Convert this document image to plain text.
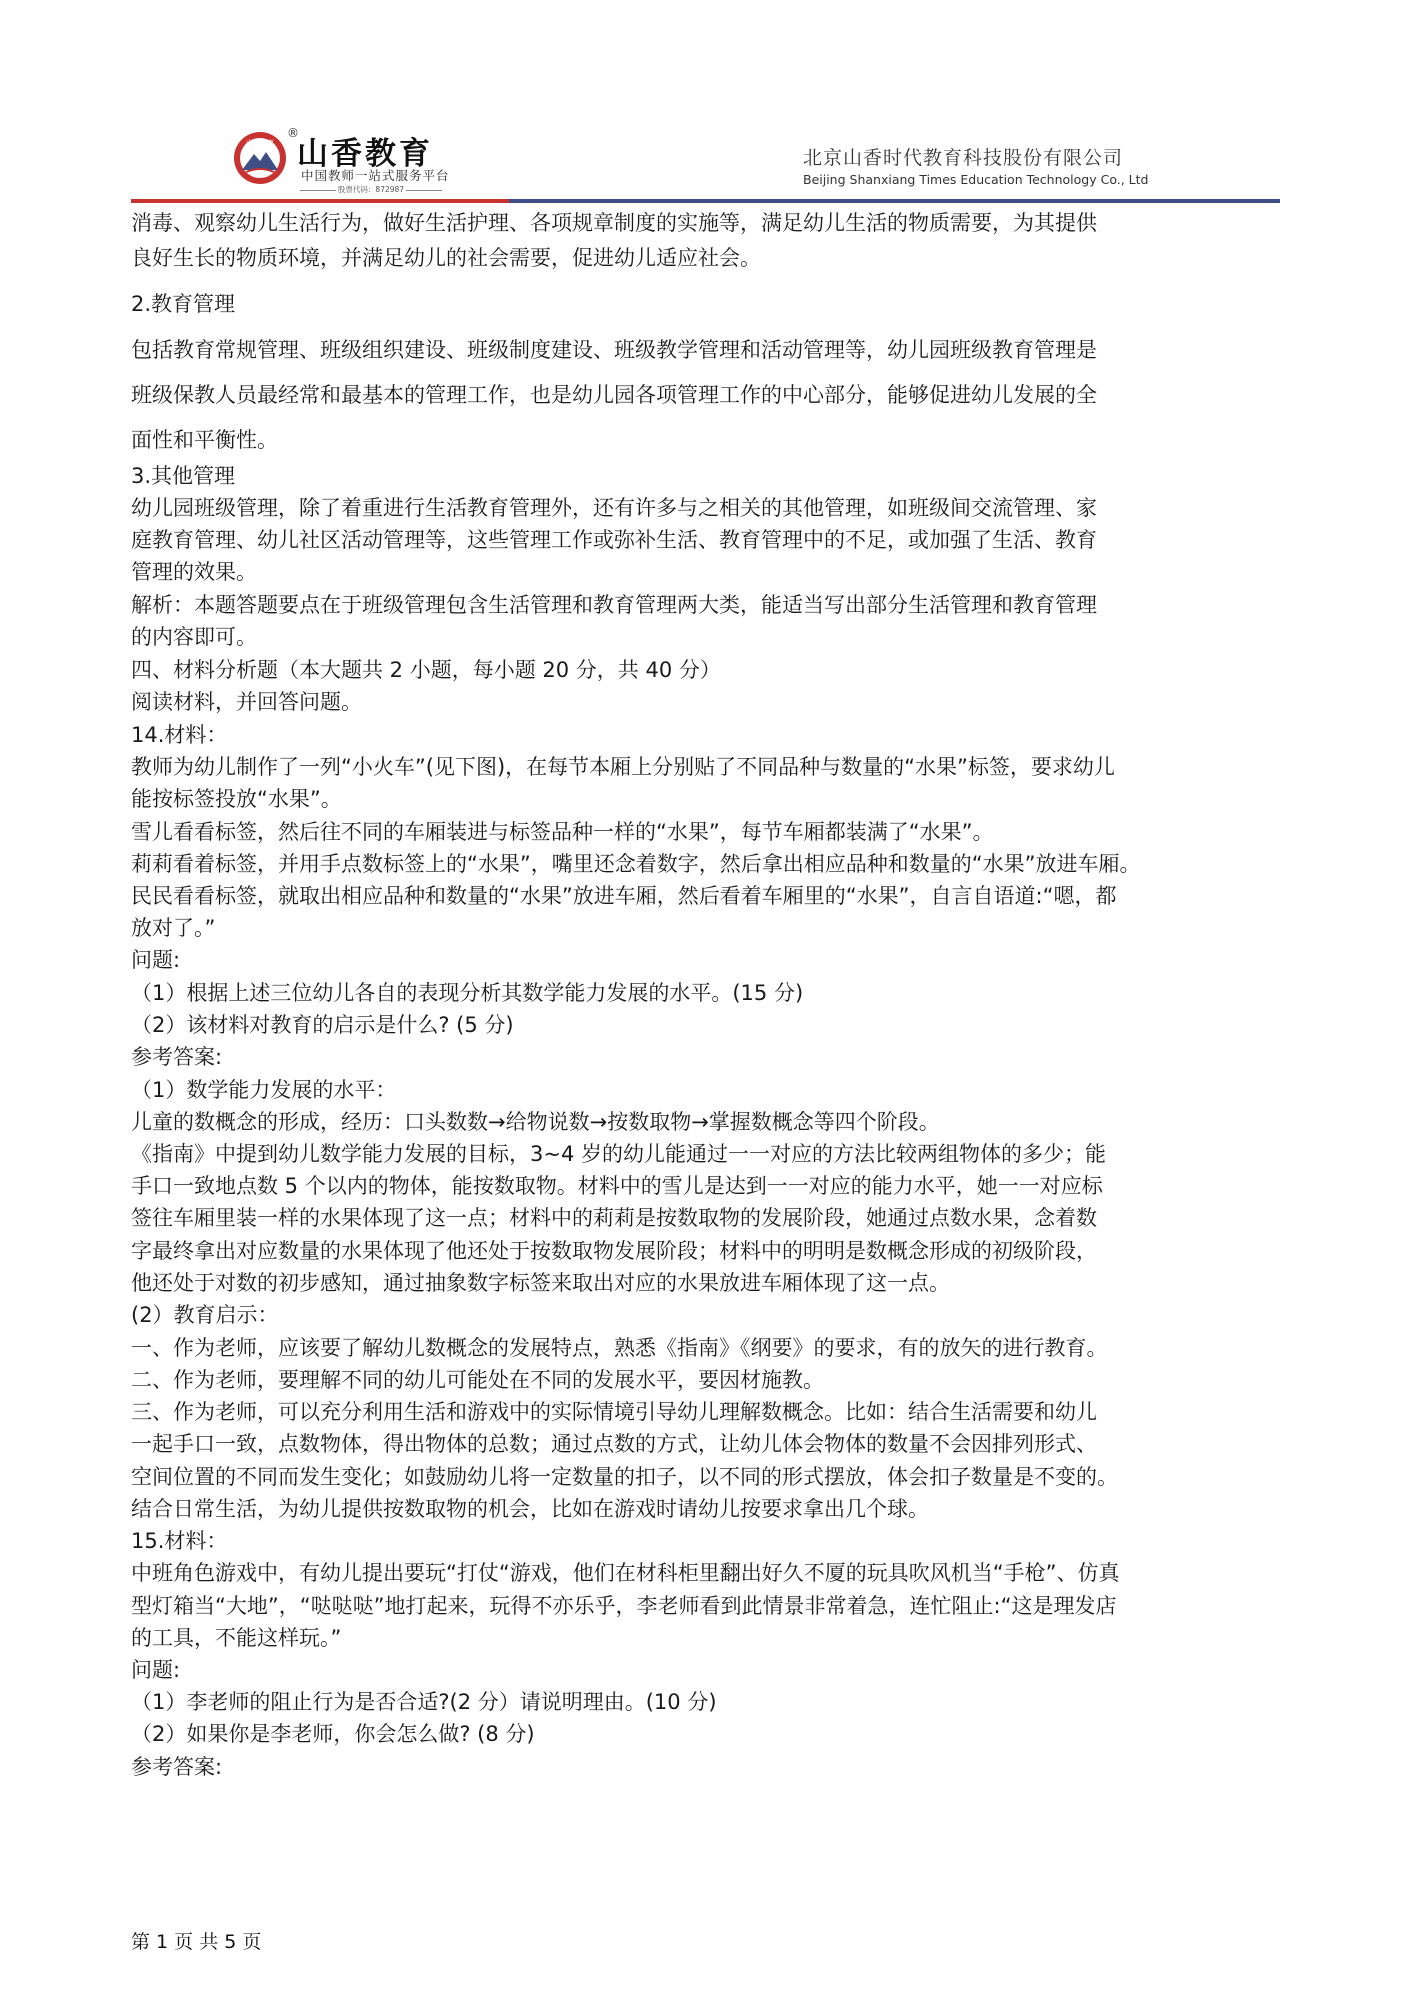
山香教育 山香教育
®
中国教师一站式服务平台
股票代码：872987
北京山香时代教育科技股份有限公司
Beijing Shanxiang Times Education Technology Co., Ltd
消毒、观察幼儿生活行为，做好生活护理、各项规章制度的实施等，满足幼儿生活的物质需要，为其提供
良好生长的物质环境，并满足幼儿的社会需要，促进幼儿适应社会。
2.教育管理
包括教育常规管理、班级组织建设、班级制度建设、班级教学管理和活动管理等，幼儿园班级教育管理是
班级保教人员最经常和最基本的管理工作，也是幼儿园各项管理工作的中心部分，能够促进幼儿发展的全
面性和平衡性。
3.其他管理
幼儿园班级管理，除了着重进行生活教育管理外，还有许多与之相关的其他管理，如班级间交流管理、家
庭教育管理、幼儿社区活动管理等，这些管理工作或弥补生活、教育管理中的不足，或加强了生活、教育
管理的效果。
解析：本题答题要点在于班级管理包含生活管理和教育管理两大类，能适当写出部分生活管理和教育管理
的内容即可。
四、材料分析题（本大题共 2 小题，每小题 20 分，共 40 分）
阅读材料，并回答问题。
14.材料：
教师为幼儿制作了一列“小火车”(见下图)，在每节本厢上分别贴了不同品种与数量的“水果”标签，要求幼儿
能按标签投放“水果”。
雪儿看看标签，然后往不同的车厢装进与标签品种一样的“水果”，每节车厢都装满了“水果”。
莉莉看着标签，并用手点数标签上的“水果”，嘴里还念着数字，然后拿出相应品种和数量的“水果”放进车厢。
民民看看标签，就取出相应品种和数量的“水果”放进车厢，然后看着车厢里的“水果”，自言自语道:“嗯，都
放对了。”
问题:
（1）根据上述三位幼儿各自的表现分析其数学能力发展的水平。(15 分)
（2）该材料对教育的启示是什么? (5 分)
参考答案:
（1）数学能力发展的水平：
儿童的数概念的形成，经历：口头数数→给物说数→按数取物→掌握数概念等四个阶段。
《指南》中提到幼儿数学能力发展的目标，3~4 岁的幼儿能通过一一对应的方法比较两组物体的多少；能
手口一致地点数 5 个以内的物体，能按数取物。材料中的雪儿是达到一一对应的能力水平，她一一对应标
签往车厢里装一样的水果体现了这一点；材料中的莉莉是按数取物的发展阶段，她通过点数水果，念着数
字最终拿出对应数量的水果体现了他还处于按数取物发展阶段；材料中的明明是数概念形成的初级阶段，
他还处于对数的初步感知，通过抽象数字标签来取出对应的水果放进车厢体现了这一点。
(2）教育启示：
一、作为老师，应该要了解幼儿数概念的发展特点，熟悉《指南》《纲要》的要求，有的放矢的进行教育。
二、作为老师，要理解不同的幼儿可能处在不同的发展水平，要因材施教。
三、作为老师，可以充分利用生活和游戏中的实际情境引导幼儿理解数概念。比如：结合生活需要和幼儿
一起手口一致，点数物体，得出物体的总数；通过点数的方式，让幼儿体会物体的数量不会因排列形式、
空间位置的不同而发生变化；如鼓励幼儿将一定数量的扣子，以不同的形式摆放，体会扣子数量是不变的。
结合日常生活，为幼儿提供按数取物的机会，比如在游戏时请幼儿按要求拿出几个球。
15.材料：
中班角色游戏中，有幼儿提出要玩“打仗“游戏，他们在材科柜里翻出好久不厦的玩具吹风机当“手枪”、仿真
型灯箱当“大地”，“哒哒哒”地打起来，玩得不亦乐乎，李老师看到此情景非常着急，连忙阻止:“这是理发店
的工具，不能这样玩。”
问题:
（1）李老师的阻止行为是否合适?(2 分）请说明理由。(10 分)
（2）如果你是李老师，你会怎么做? (8 分)
参考答案:
第 1 页 共 5 页
